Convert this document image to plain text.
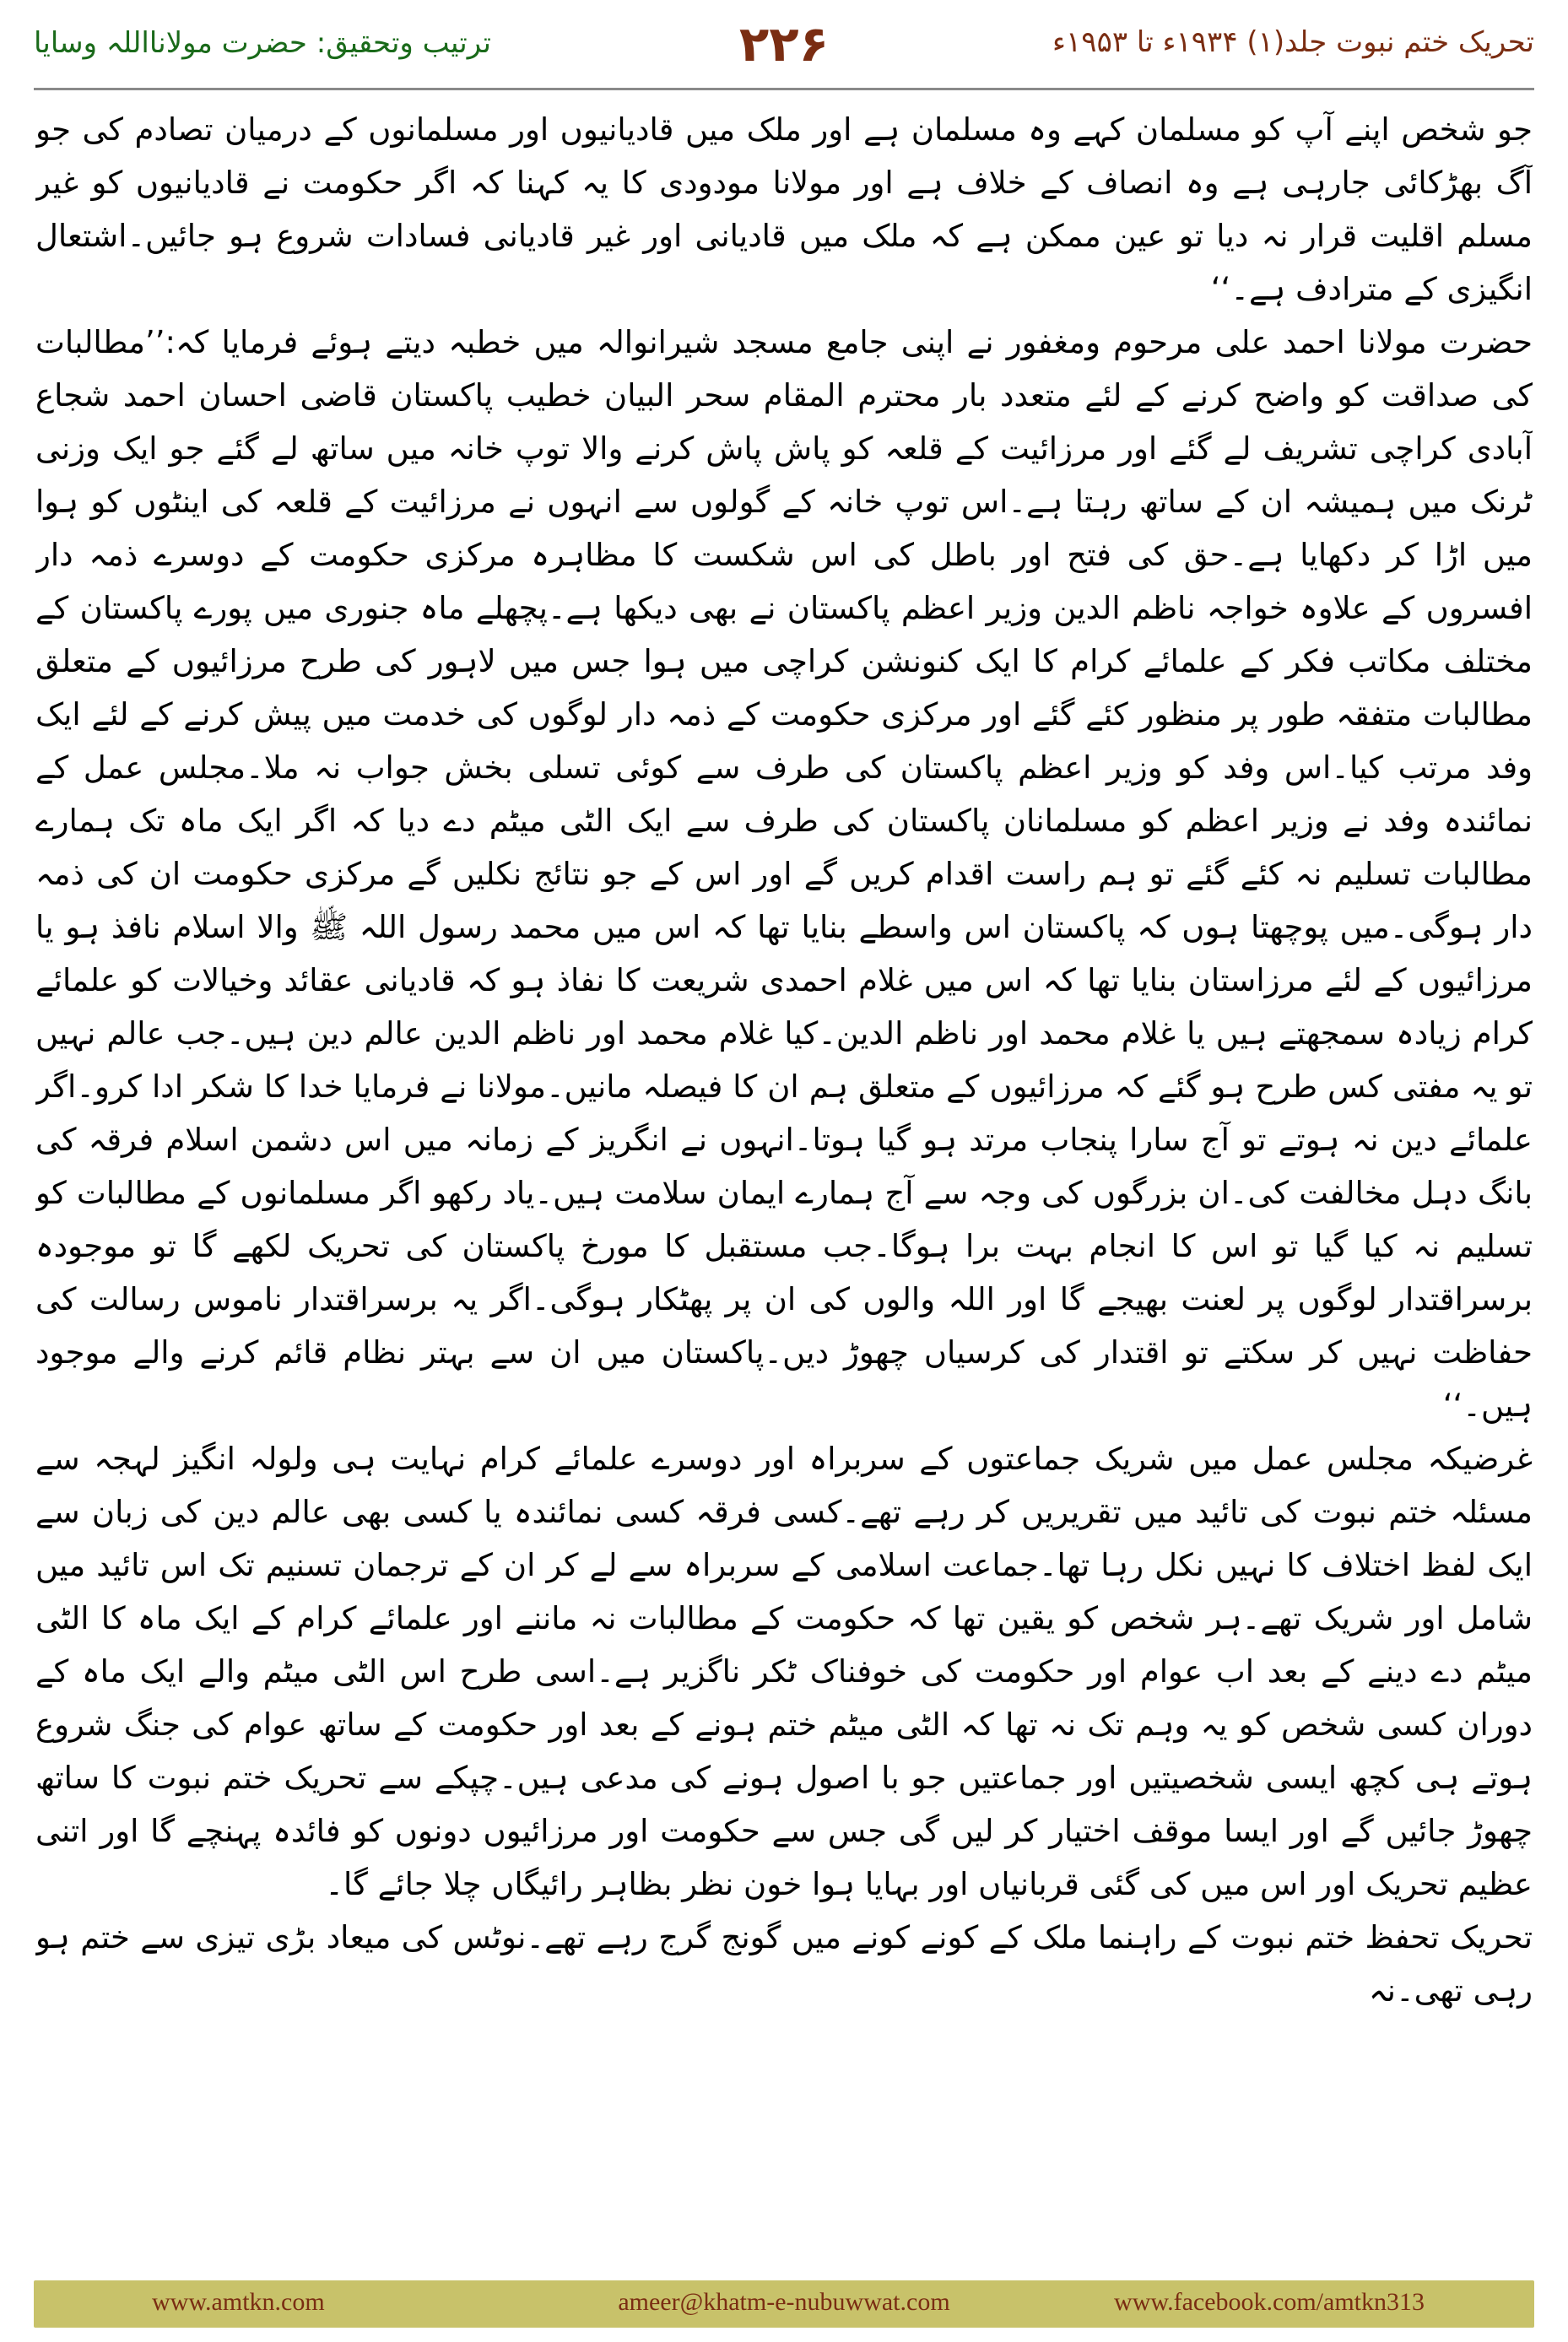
تحریک ختم نبوت جلد(۱) ۱۹۳۴ء تا ۱۹۵۳ء
۲۲۶
ترتیب وتحقیق: حضرت مولانااللہ وسایا

جو شخص اپنے آپ کو مسلمان کہے وہ مسلمان ہے اور ملک میں قادیانیوں اور مسلمانوں کے درمیان تصادم کی جو آگ بھڑکائی جارہی ہے وہ انصاف کے خلاف ہے اور مولانا مودودی کا یہ کہنا کہ اگر حکومت نے قادیانیوں کو غیر مسلم اقلیت قرار نہ دیا تو عین ممکن ہے کہ ملک میں قادیانی اور غیر قادیانی فسادات شروع ہو جائیں۔اشتعال انگیزی کے مترادف ہے۔‘‘

حضرت مولانا احمد علی مرحوم ومغفور نے اپنی جامع مسجد شیرانوالہ میں خطبہ دیتے ہوئے فرمایا کہ:’’مطالبات کی صداقت کو واضح کرنے کے لئے متعدد بار محترم المقام سحر البیان خطیب پاکستان قاضی احسان احمد شجاع آبادی کراچی تشریف لے گئے اور مرزائیت کے قلعہ کو پاش پاش کرنے والا توپ خانہ میں ساتھ لے گئے جو ایک وزنی ٹرنک میں ہمیشہ ان کے ساتھ رہتا ہے۔اس توپ خانہ کے گولوں سے انہوں نے مرزائیت کے قلعہ کی اینٹوں کو ہوا میں اڑا کر دکھایا ہے۔حق کی فتح اور باطل کی اس شکست کا مظاہرہ مرکزی حکومت کے دوسرے ذمہ دار افسروں کے علاوہ خواجہ ناظم الدین وزیر اعظم پاکستان نے بھی دیکھا ہے۔پچھلے ماہ جنوری میں پورے پاکستان کے مختلف مکاتب فکر کے علمائے کرام کا ایک کنونشن کراچی میں ہوا جس میں لاہور کی طرح مرزائیوں کے متعلق مطالبات متفقہ طور پر منظور کئے گئے اور مرکزی حکومت کے ذمہ دار لوگوں کی خدمت میں پیش کرنے کے لئے ایک وفد مرتب کیا۔اس وفد کو وزیر اعظم پاکستان کی طرف سے کوئی تسلی بخش جواب نہ ملا۔مجلس عمل کے نمائندہ وفد نے وزیر اعظم کو مسلمانان پاکستان کی طرف سے ایک الٹی میٹم دے دیا کہ اگر ایک ماہ تک ہمارے مطالبات تسلیم نہ کئے گئے تو ہم راست اقدام کریں گے اور اس کے جو نتائج نکلیں گے مرکزی حکومت ان کی ذمہ دار ہوگی۔میں پوچھتا ہوں کہ پاکستان اس واسطے بنایا تھا کہ اس میں محمد رسول اللہ ﷺ والا اسلام نافذ ہو یا مرزائیوں کے لئے مرزاستان بنایا تھا کہ اس میں غلام احمدی شریعت کا نفاذ ہو کہ قادیانی عقائد وخیالات کو علمائے کرام زیادہ سمجھتے ہیں یا غلام محمد اور ناظم الدین۔کیا غلام محمد اور ناظم الدین عالم دین ہیں۔جب عالم نہیں تو یہ مفتی کس طرح ہو گئے کہ مرزائیوں کے متعلق ہم ان کا فیصلہ مانیں۔مولانا نے فرمایا خدا کا شکر ادا کرو۔اگر علمائے دین نہ ہوتے تو آج سارا پنجاب مرتد ہو گیا ہوتا۔انہوں نے انگریز کے زمانہ میں اس دشمن اسلام فرقہ کی بانگ دہل مخالفت کی۔ان بزرگوں کی وجہ سے آج ہمارے ایمان سلامت ہیں۔یاد رکھو اگر مسلمانوں کے مطالبات کو تسلیم نہ کیا گیا تو اس کا انجام بہت برا ہوگا۔جب مستقبل کا مورخ پاکستان کی تحریک لکھے گا تو موجودہ برسراقتدار لوگوں پر لعنت بھیجے گا اور اللہ والوں کی ان پر پھٹکار ہوگی۔اگر یہ برسراقتدار ناموس رسالت کی حفاظت نہیں کر سکتے تو اقتدار کی کرسیاں چھوڑ دیں۔پاکستان میں ان سے بہتر نظام قائم کرنے والے موجود ہیں۔‘‘

غرضیکہ مجلس عمل میں شریک جماعتوں کے سربراہ اور دوسرے علمائے کرام نہایت ہی ولولہ انگیز لہجہ سے مسئلہ ختم نبوت کی تائید میں تقریریں کر رہے تھے۔کسی فرقہ کسی نمائندہ یا کسی بھی عالم دین کی زبان سے ایک لفظ اختلاف کا نہیں نکل رہا تھا۔جماعت اسلامی کے سربراہ سے لے کر ان کے ترجمان تسنیم تک اس تائید میں شامل اور شریک تھے۔ہر شخص کو یقین تھا کہ حکومت کے مطالبات نہ ماننے اور علمائے کرام کے ایک ماہ کا الٹی میٹم دے دینے کے بعد اب عوام اور حکومت کی خوفناک ٹکر ناگزیر ہے۔اسی طرح اس الٹی میٹم والے ایک ماہ کے دوران کسی شخص کو یہ وہم تک نہ تھا کہ الٹی میٹم ختم ہونے کے بعد اور حکومت کے ساتھ عوام کی جنگ شروع ہوتے ہی کچھ ایسی شخصیتیں اور جماعتیں جو با اصول ہونے کی مدعی ہیں۔چپکے سے تحریک ختم نبوت کا ساتھ چھوڑ جائیں گے اور ایسا موقف اختیار کر لیں گی جس سے حکومت اور مرزائیوں دونوں کو فائدہ پہنچے گا اور اتنی عظیم تحریک اور اس میں کی گئی قربانیاں اور بہایا ہوا خون نظر بظاہر رائیگاں چلا جائے گا۔

تحریک تحفظ ختم نبوت کے راہنما ملک کے کونے کونے میں گونج گرج رہے تھے۔نوٹس کی میعاد بڑی تیزی سے ختم ہو رہی تھی۔نہ

www.amtkn.com	ameer@khatm-e-nubuwwat.com	www.facebook.com/amtkn313
